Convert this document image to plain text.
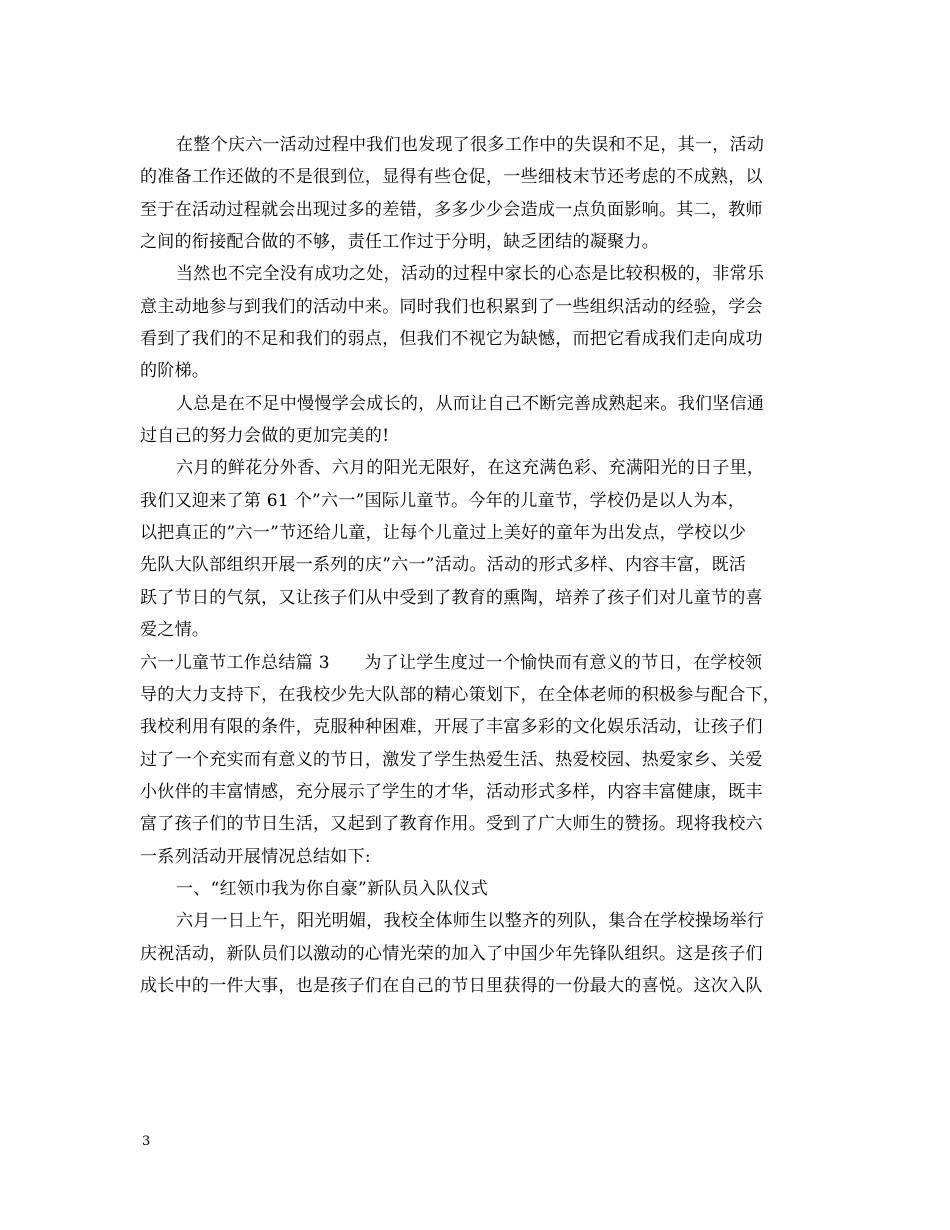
在整个庆六一活动过程中我们也发现了很多工作中的失误和不足，其一，活动
的准备工作还做的不是很到位，显得有些仓促，一些细枝末节还考虑的不成熟，以
至于在活动过程就会出现过多的差错，多多少少会造成一点负面影响。其二，教师
之间的衔接配合做的不够，责任工作过于分明，缺乏团结的凝聚力。
当然也不完全没有成功之处，活动的过程中家长的心态是比较积极的，非常乐
意主动地参与到我们的活动中来。同时我们也积累到了一些组织活动的经验，学会
看到了我们的不足和我们的弱点，但我们不视它为缺憾，而把它看成我们走向成功
的阶梯。
人总是在不足中慢慢学会成长的，从而让自己不断完善成熟起来。我们坚信通
过自己的努力会做的更加完美的!
六月的鲜花分外香、六月的阳光无限好，在这充满色彩、充满阳光的日子里，
我们又迎来了第 61 个”六一”国际儿童节。今年的儿童节，学校仍是以人为本，
以把真正的”六一”节还给儿童，让每个儿童过上美好的童年为出发点，学校以少
先队大队部组织开展一系列的庆”六一”活动。活动的形式多样、内容丰富，既活
跃了节日的气氛，又让孩子们从中受到了教育的熏陶，培养了孩子们对儿童节的喜
爱之情。
六一儿童节工作总结篇 3　　为了让学生度过一个愉快而有意义的节日，在学校领
导的大力支持下，在我校少先大队部的精心策划下，在全体老师的积极参与配合下，
我校利用有限的条件，克服种种困难，开展了丰富多彩的文化娱乐活动，让孩子们
过了一个充实而有意义的节日，激发了学生热爱生活、热爱校园、热爱家乡、关爱
小伙伴的丰富情感，充分展示了学生的才华，活动形式多样，内容丰富健康，既丰
富了孩子们的节日生活，又起到了教育作用。受到了广大师生的赞扬。现将我校六
一系列活动开展情况总结如下:
一、“红领巾我为你自豪”新队员入队仪式
六月一日上午，阳光明媚，我校全体师生以整齐的列队，集合在学校操场举行
庆祝活动，新队员们以激动的心情光荣的加入了中国少年先锋队组织。这是孩子们
成长中的一件大事，也是孩子们在自己的节日里获得的一份最大的喜悦。这次入队
3
